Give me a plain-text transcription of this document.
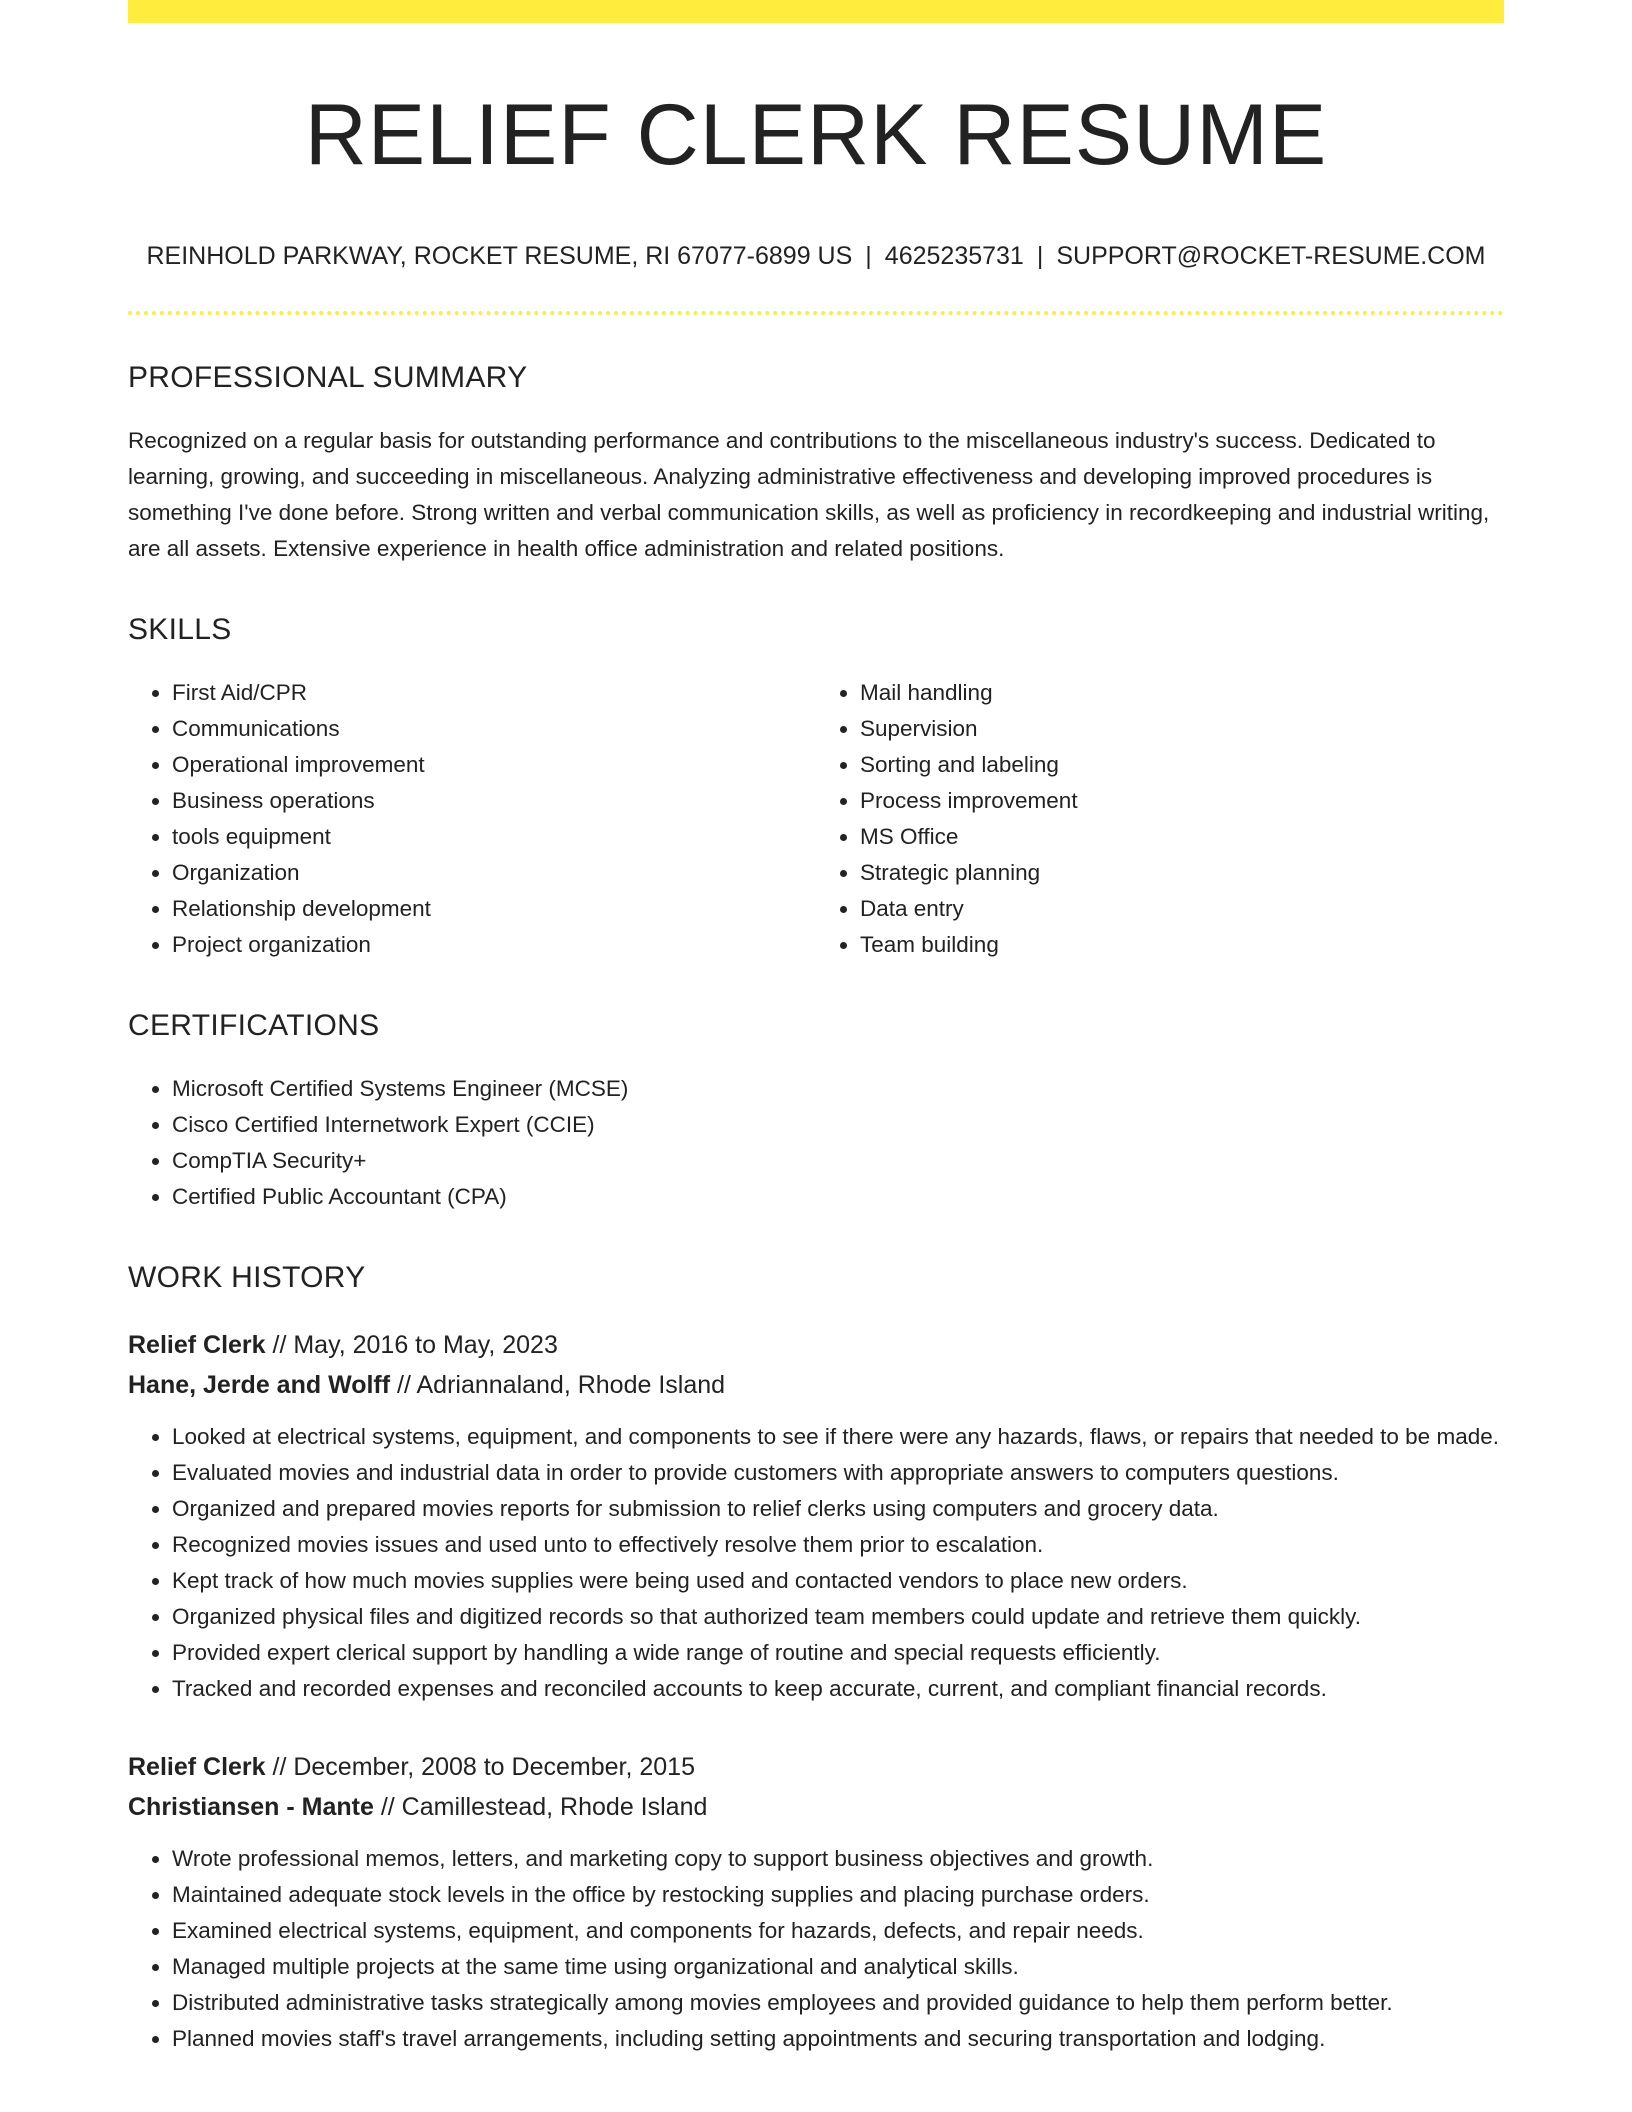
RELIEF CLERK RESUME
REINHOLD PARKWAY, ROCKET RESUME, RI 67077-6899 US | 4625235731 | SUPPORT@ROCKET-RESUME.COM
PROFESSIONAL SUMMARY

Recognized on a regular basis for outstanding performance and contributions to the miscellaneous industry's success. Dedicated to learning, growing, and succeeding in miscellaneous. Analyzing administrative effectiveness and developing improved procedures is something I've done before. Strong written and verbal communication skills, as well as proficiency in recordkeeping and industrial writing, are all assets. Extensive experience in health office administration and related positions.

SKILLS
• First Aid/CPR
• Communications
• Operational improvement
• Business operations
• tools equipment
• Organization
• Relationship development
• Project organization
• Mail handling
• Supervision
• Sorting and labeling
• Process improvement
• MS Office
• Strategic planning
• Data entry
• Team building
CERTIFICATIONS
• Microsoft Certified Systems Engineer (MCSE)
• Cisco Certified Internetwork Expert (CCIE)
• CompTIA Security+
• Certified Public Accountant (CPA)
WORK HISTORY
Relief Clerk // May, 2016 to May, 2023
Hane, Jerde and Wolff // Adriannaland, Rhode Island
• Looked at electrical systems, equipment, and components to see if there were any hazards, flaws, or repairs that needed to be made.
• Evaluated movies and industrial data in order to provide customers with appropriate answers to computers questions.
• Organized and prepared movies reports for submission to relief clerks using computers and grocery data.
• Recognized movies issues and used unto to effectively resolve them prior to escalation.
• Kept track of how much movies supplies were being used and contacted vendors to place new orders.
• Organized physical files and digitized records so that authorized team members could update and retrieve them quickly.
• Provided expert clerical support by handling a wide range of routine and special requests efficiently.
• Tracked and recorded expenses and reconciled accounts to keep accurate, current, and compliant financial records.
Relief Clerk // December, 2008 to December, 2015
Christiansen - Mante // Camillestead, Rhode Island
• Wrote professional memos, letters, and marketing copy to support business objectives and growth.
• Maintained adequate stock levels in the office by restocking supplies and placing purchase orders.
• Examined electrical systems, equipment, and components for hazards, defects, and repair needs.
• Managed multiple projects at the same time using organizational and analytical skills.
• Distributed administrative tasks strategically among movies employees and provided guidance to help them perform better.
• Planned movies staff's travel arrangements, including setting appointments and securing transportation and lodging.
